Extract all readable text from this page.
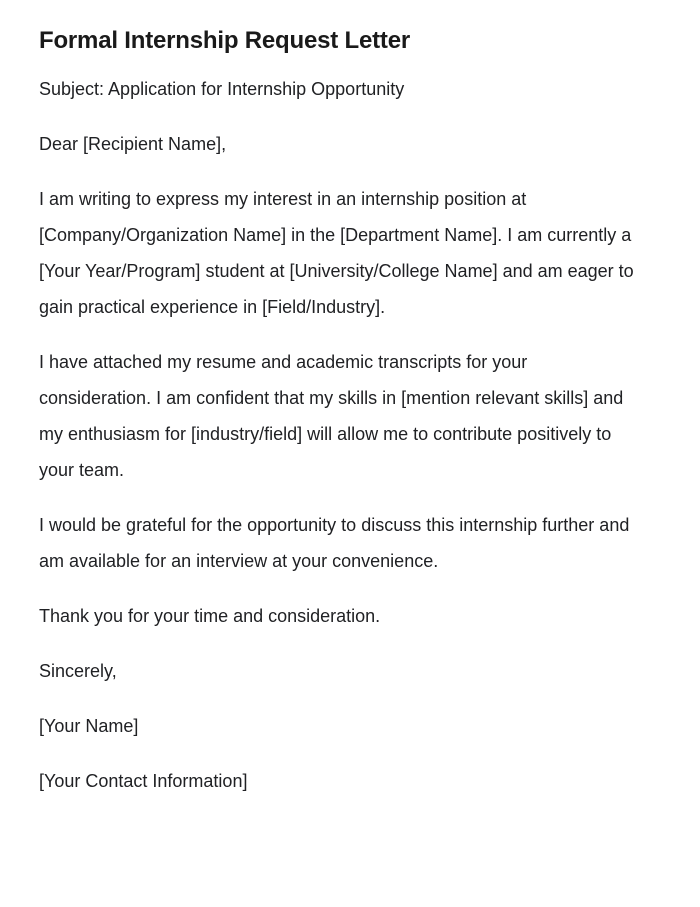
Formal Internship Request Letter

Subject: Application for Internship Opportunity

Dear [Recipient Name],

I am writing to express my interest in an internship position at [Company/Organization Name] in the [Department Name]. I am currently a [Your Year/Program] student at [University/College Name] and am eager to gain practical experience in [Field/Industry].

I have attached my resume and academic transcripts for your consideration. I am confident that my skills in [mention relevant skills] and my enthusiasm for [industry/field] will allow me to contribute positively to your team.

I would be grateful for the opportunity to discuss this internship further and am available for an interview at your convenience.

Thank you for your time and consideration.

Sincerely,

[Your Name]

[Your Contact Information]
